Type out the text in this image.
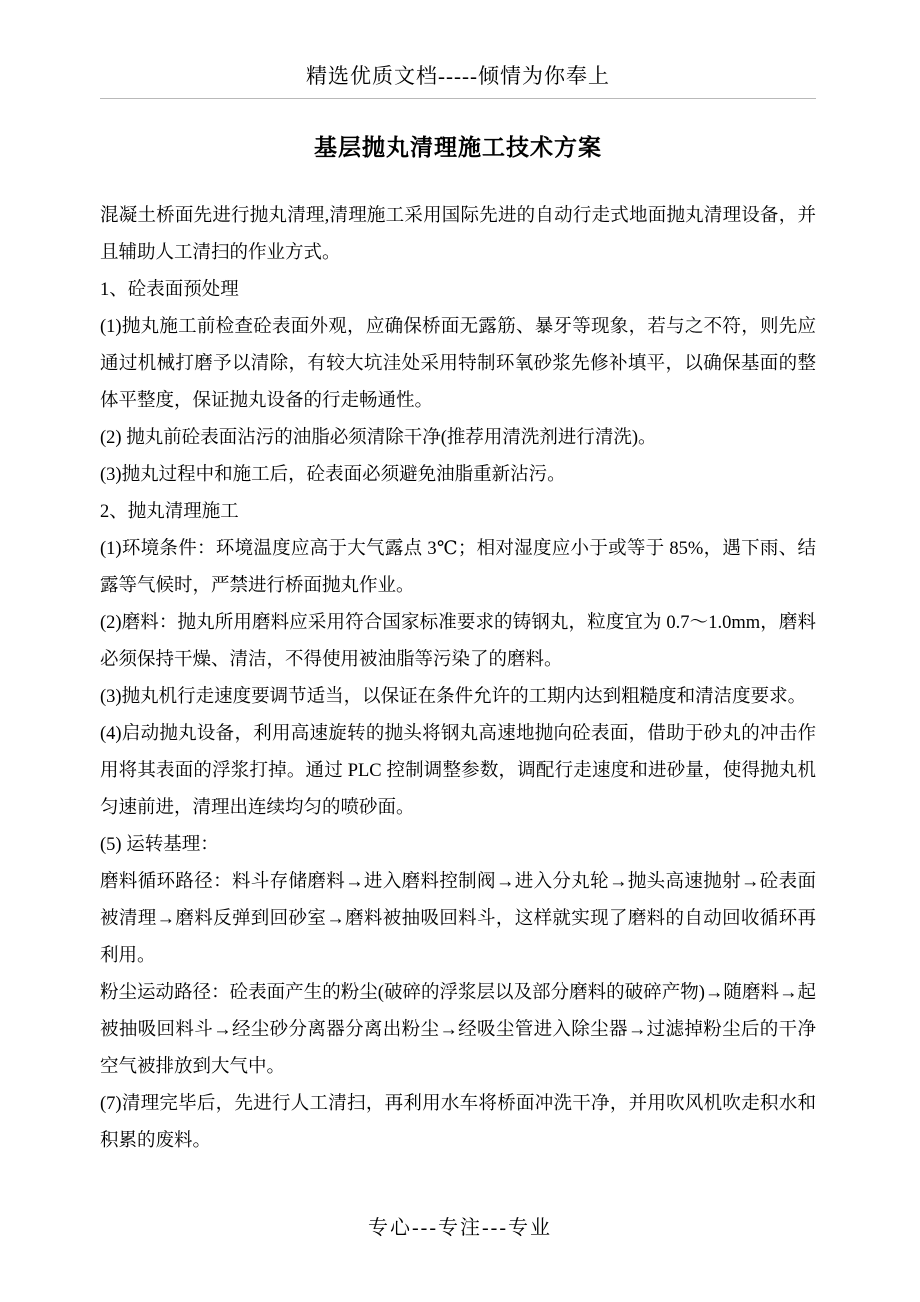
精选优质文档-----倾情为你奉上
基层抛丸清理施工技术方案

混凝土桥面先进行抛丸清理,清理施工采用国际先进的自动行走式地面抛丸清理设备，并且辅助人工清扫的作业方式。

1、砼表面预处理

(1)抛丸施工前检查砼表面外观，应确保桥面无露筋、暴牙等现象，若与之不符，则先应通过机械打磨予以清除，有较大坑洼处采用特制环氧砂浆先修补填平，以确保基面的整体平整度，保证抛丸设备的行走畅通性。

(2) 抛丸前砼表面沾污的油脂必须清除干净(推荐用清洗剂进行清洗)。

(3)抛丸过程中和施工后，砼表面必须避免油脂重新沾污。

2、抛丸清理施工

(1)环境条件：环境温度应高于大气露点 3℃；相对湿度应小于或等于 85%，遇下雨、结露等气候时，严禁进行桥面抛丸作业。

(2)磨料：抛丸所用磨料应采用符合国家标准要求的铸钢丸，粒度宜为 0.7～1.0mm，磨料必须保持干燥、清洁，不得使用被油脂等污染了的磨料。

(3)抛丸机行走速度要调节适当，以保证在条件允许的工期内达到粗糙度和清洁度要求。

(4)启动抛丸设备，利用高速旋转的抛头将钢丸高速地抛向砼表面，借助于砂丸的冲击作用将其表面的浮浆打掉。通过 PLC 控制调整参数，调配行走速度和进砂量，使得抛丸机匀速前进，清理出连续均匀的喷砂面。

(5) 运转基理：

磨料循环路径：料斗存储磨料→进入磨料控制阀→进入分丸轮→抛头高速抛射→砼表面被清理→磨料反弹到回砂室→磨料被抽吸回料斗，这样就实现了磨料的自动回收循环再利用。

粉尘运动路径：砼表面产生的粉尘(破碎的浮浆层以及部分磨料的破碎产物)→随磨料→起被抽吸回料斗→经尘砂分离器分离出粉尘→经吸尘管进入除尘器→过滤掉粉尘后的干净空气被排放到大气中。

(7)清理完毕后，先进行人工清扫，再利用水车将桥面冲洗干净，并用吹风机吹走积水和积累的废料。

专心---专注---专业
